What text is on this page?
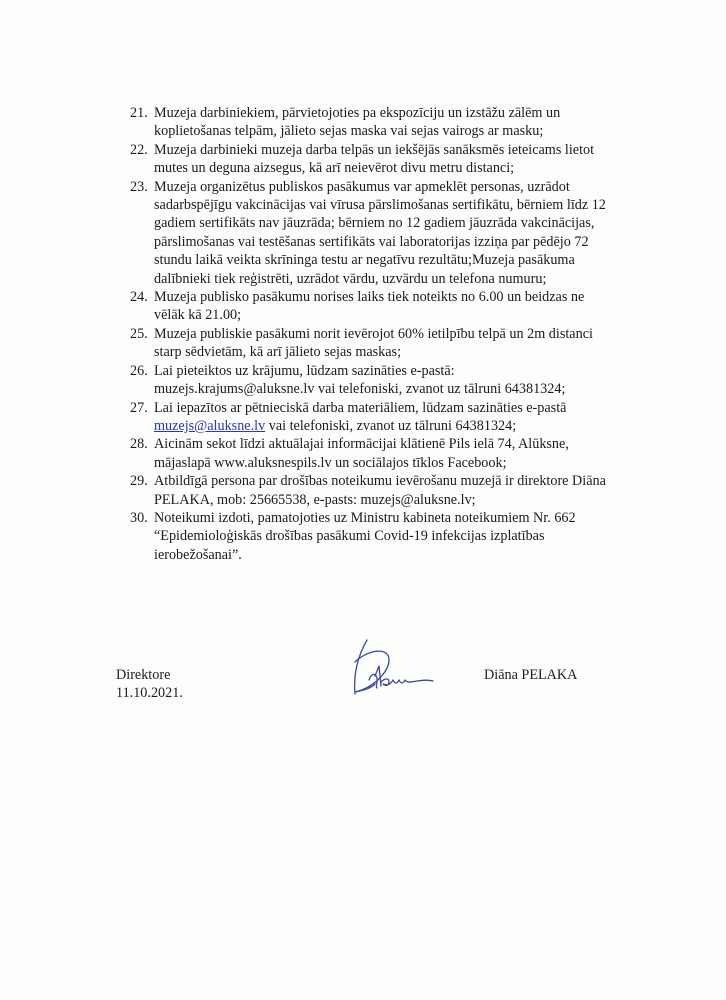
21. Muzeja darbiniekiem, pārvietojoties pa ekspozīciju un izstāžu zālēm un
koplietošanas telpām, jālieto sejas maska vai sejas vairogs ar masku;
22. Muzeja darbinieki muzeja darba telpās un iekšējās sanāksmēs ieteicams lietot
mutes un deguna aizsegus, kā arī neievērot divu metru distanci;
23. Muzeja organizētus publiskos pasākumus var apmeklēt personas, uzrādot
sadarbspējīgu vakcinācijas vai vīrusa pārslimošanas sertifikātu, bērniem līdz 12
gadiem sertifikāts nav jāuzrāda; bērniem no 12 gadiem jāuzrāda vakcinācijas,
pārslimošanas vai testēšanas sertifikāts vai laboratorijas izziņa par pēdējo 72
stundu laikā veikta skrīninga testu ar negatīvu rezultātu;Muzeja pasākuma
dalībnieki tiek reģistrēti, uzrādot vārdu, uzvārdu un telefona numuru;
24. Muzeja publisko pasākumu norises laiks tiek noteikts no 6.00 un beidzas ne
vēlāk kā 21.00;
25. Muzeja publiskie pasākumi norit ievērojot 60% ietilpību telpā un 2m distanci
starp sēdvietām, kā arī jālieto sejas maskas;
26. Lai pieteiktos uz krājumu, lūdzam sazināties e-pastā:
muzejs.krajums@aluksne.lv vai telefoniski, zvanot uz tālruni 64381324;
27. Lai iepazītos ar pētnieciskā darba materiāliem, lūdzam sazināties e-pastā
muzejs@aluksne.lv vai telefoniski, zvanot uz tālruni 64381324;
28. Aicinām sekot līdzi aktuālajai informācijai klātienē Pils ielā 74, Alūksne,
mājaslapā www.aluksnespils.lv un sociālajos tīklos Facebook;
29. Atbildīgā persona par drošības noteikumu ievērošanu muzejā ir direktore Diāna
PELAKA, mob: 25665538, e-pasts: muzejs@aluksne.lv;
30. Noteikumi izdoti, pamatojoties uz Ministru kabineta noteikumiem Nr. 662
“Epidemioloģiskās drošības pasākumi Covid-19 infekcijas izplatības
ierobežošanai”.
Direktore
11.10.2021.
Diāna PELAKA
